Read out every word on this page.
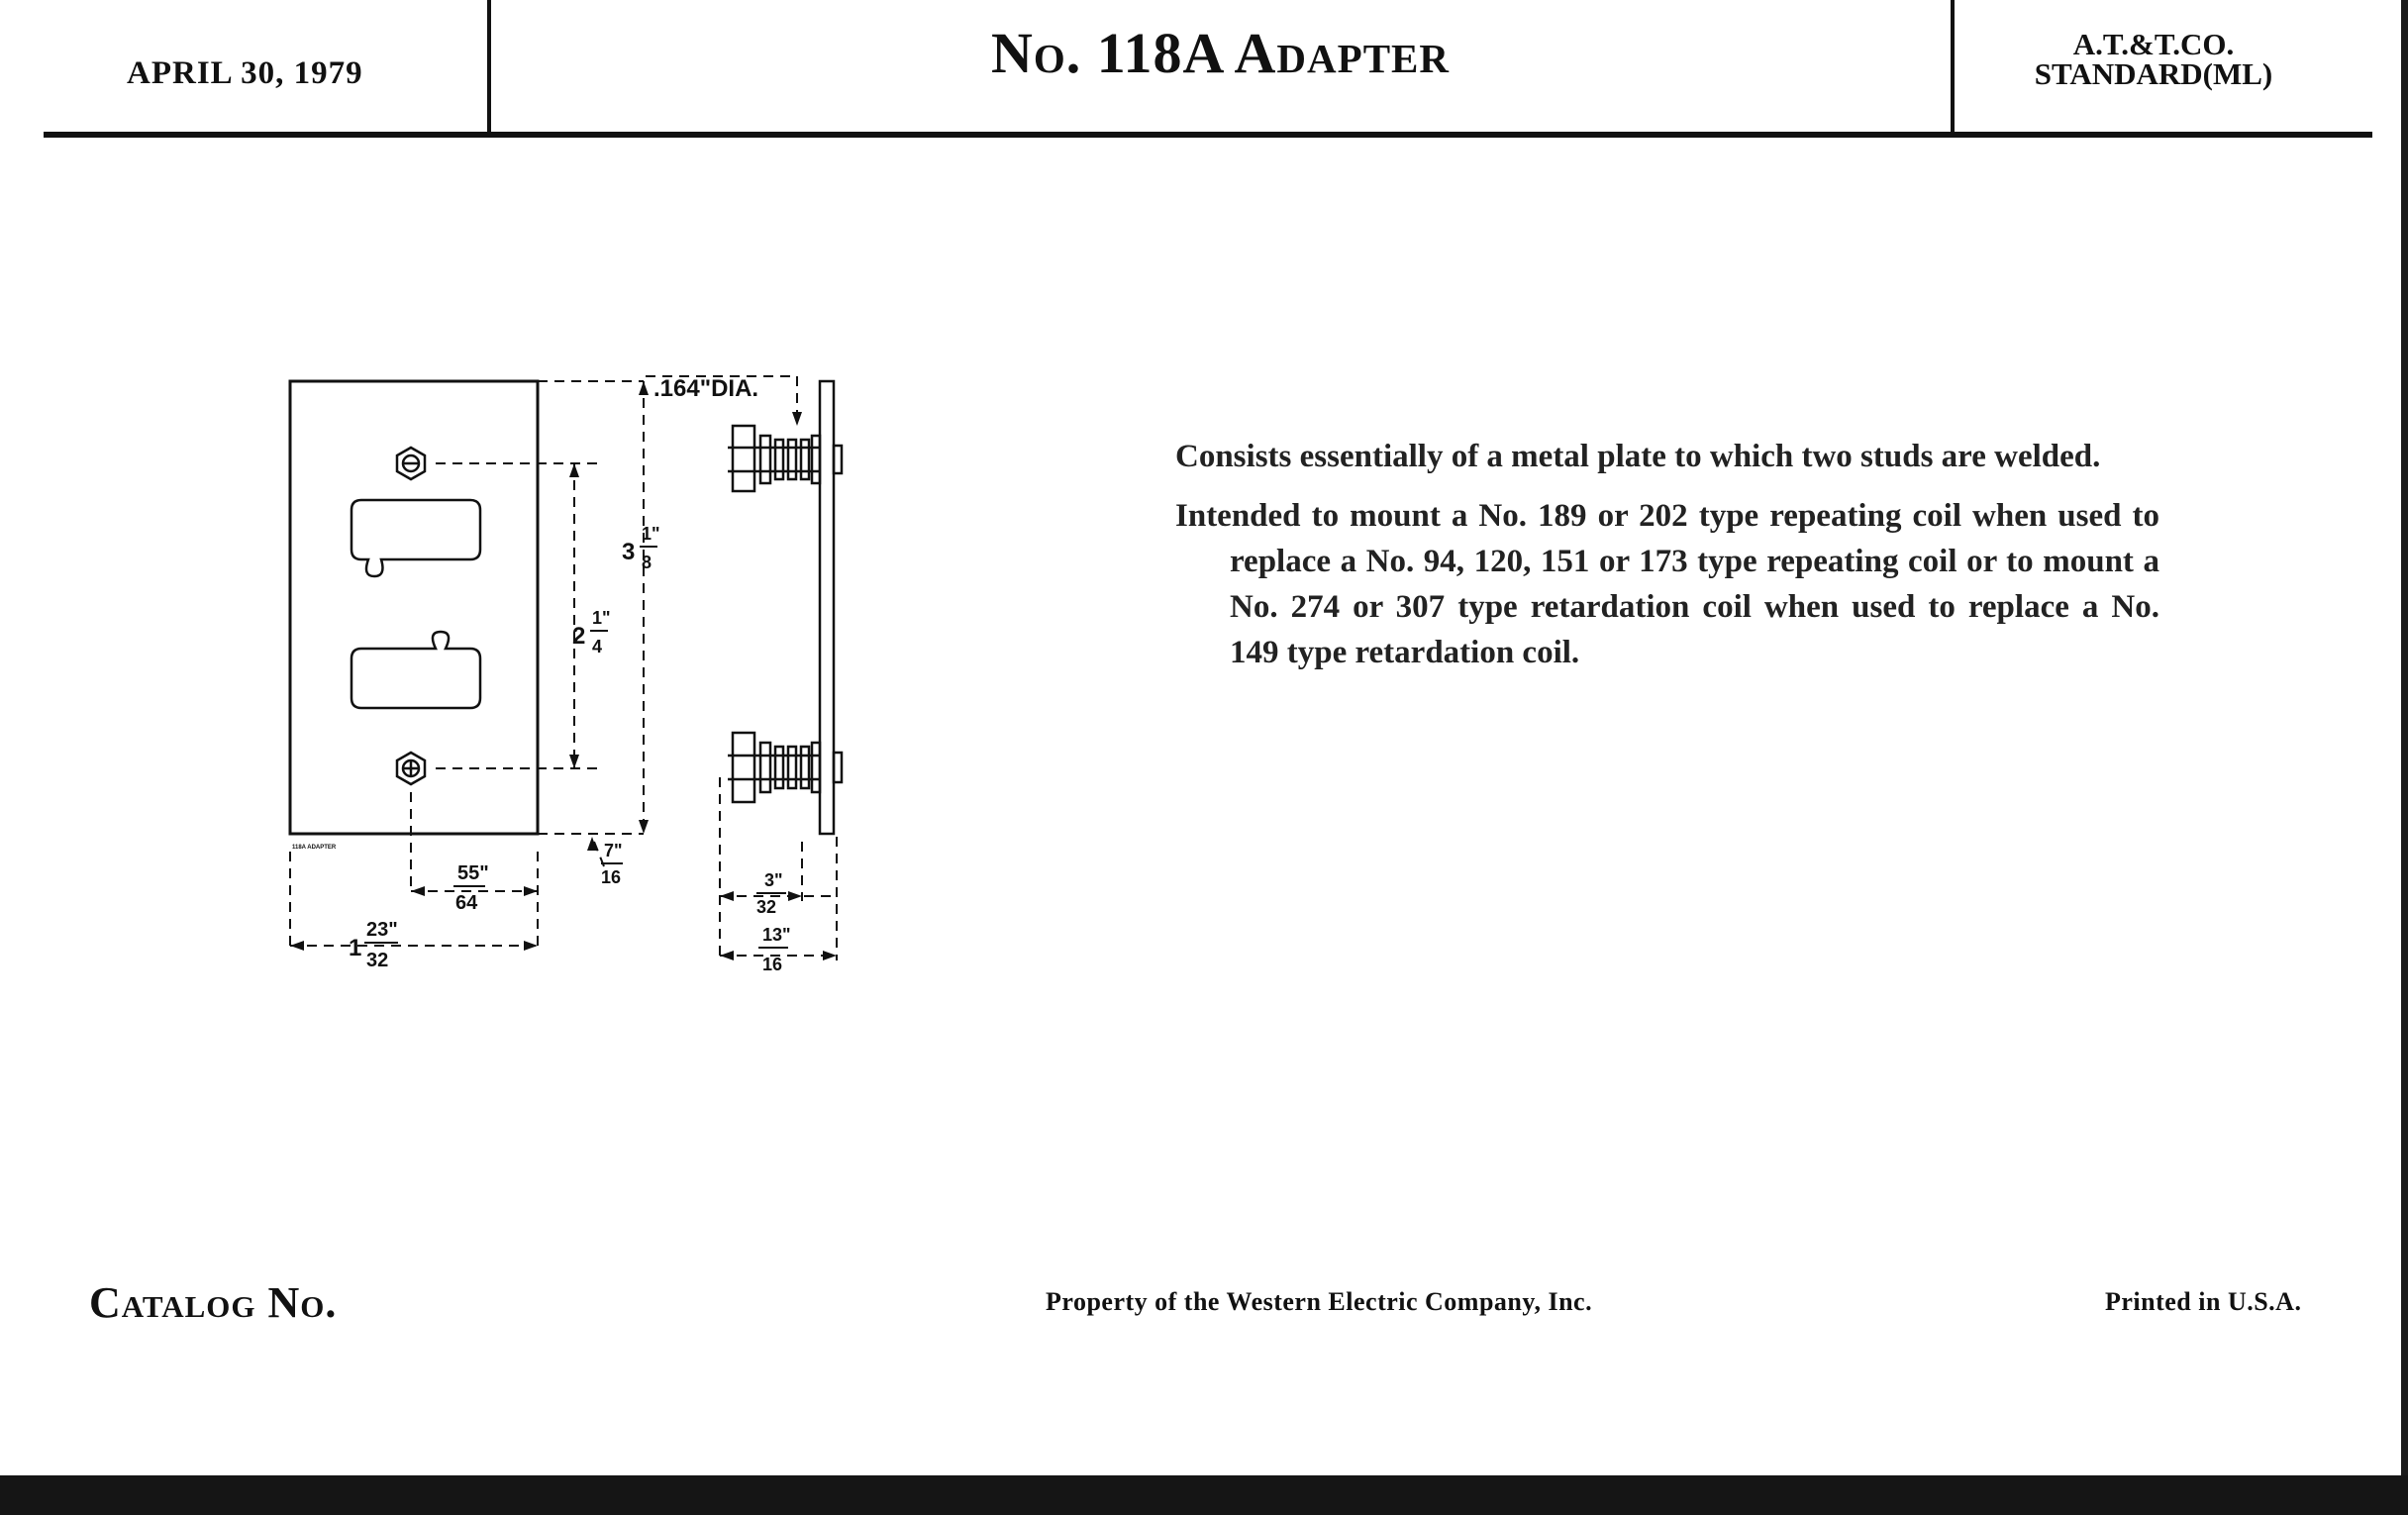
APRIL 30, 1979	No. 118A Adapter	A.T.&T.CO.
STANDARD(ML)
.164"DIA.
3
1"
8
2
1"
4
7"
16
55"
64
1
23"
32
3"
32
13"
16
118A ADAPTER

Consists essentially of a metal plate to which two studs are welded.

Intended to mount a No. 189 or 202 type repeating coil when used to replace a No. 94, 120, 151 or 173 type repeating coil or to mount a No. 274 or 307 type retardation coil when used to replace a No. 149 type retardation coil.

Catalog No.	Property of the Western Electric Company, Inc.	Printed in U.S.A.
